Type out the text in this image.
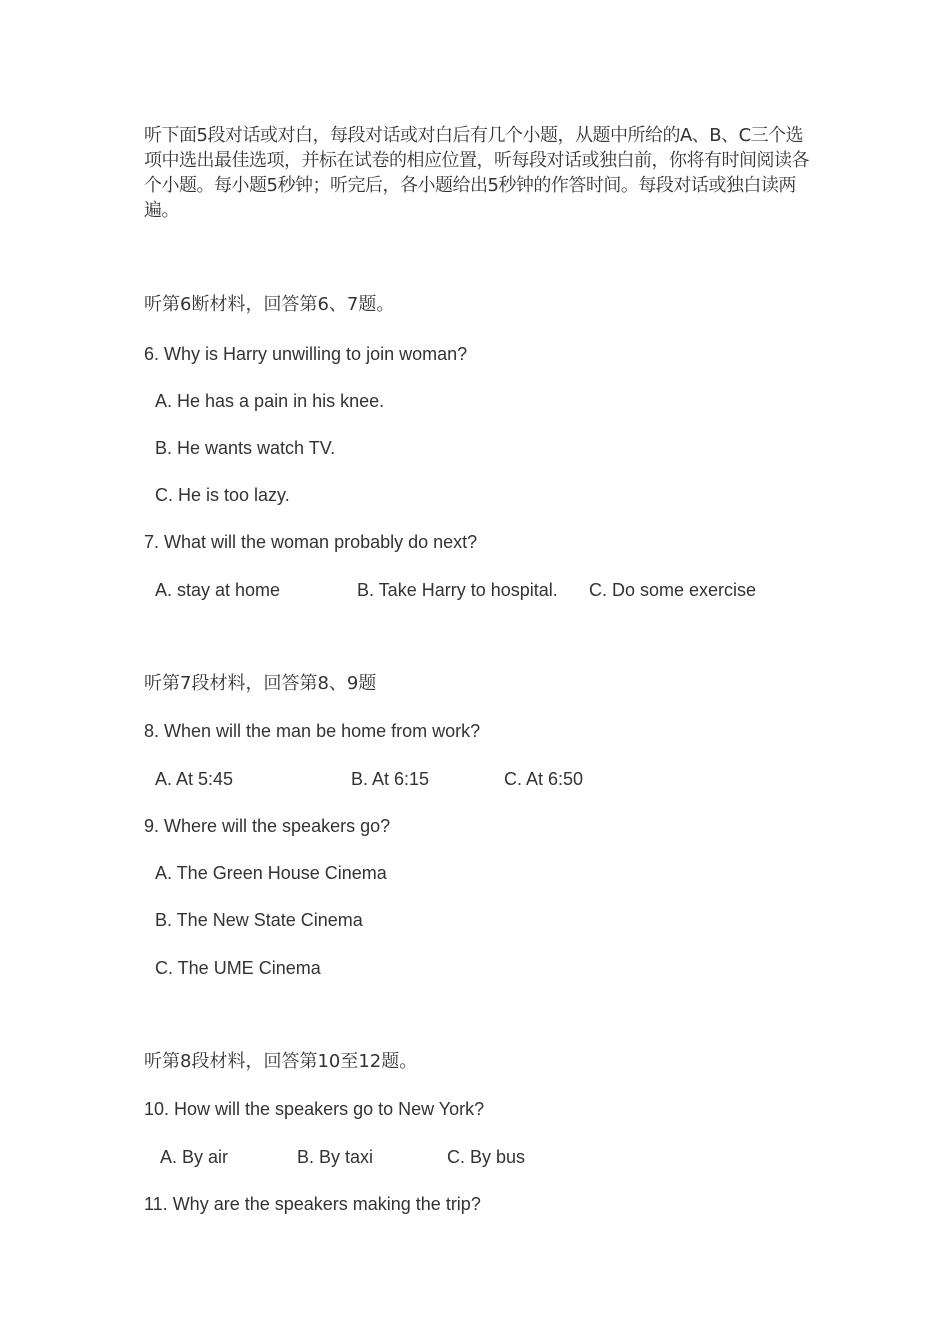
听下面5段对话或对白，每段对话或对白后有几个小题，从题中所给的A、B、C三个选项中选出最佳选项，并标在试卷的相应位置，听每段对话或独白前，你将有时间阅读各个小题。每小题5秒钟；听完后，各小题给出5秒钟的作答时间。每段对话或独白读两遍。
听第6断材料，回答第6、7题。
6. Why is Harry unwilling to join woman?
A. He has a pain in his knee.
B. He wants watch TV.
C. He is too lazy.
7. What will the woman probably do next?
A. stay at home	B. Take Harry to hospital. C. Do some exercise
听第7段材料，回答第8、9题
8. When will the man be home from work?
A. At 5:45	B. At 6:15	C. At 6:50
9. Where will the speakers go?
A. The Green House Cinema
B. The New State Cinema
C. The UME Cinema
听第8段材料，回答第10至12题。
10. How will the speakers go to New York?
A. By air	B. By taxi	C. By bus
11. Why are the speakers making the trip?
